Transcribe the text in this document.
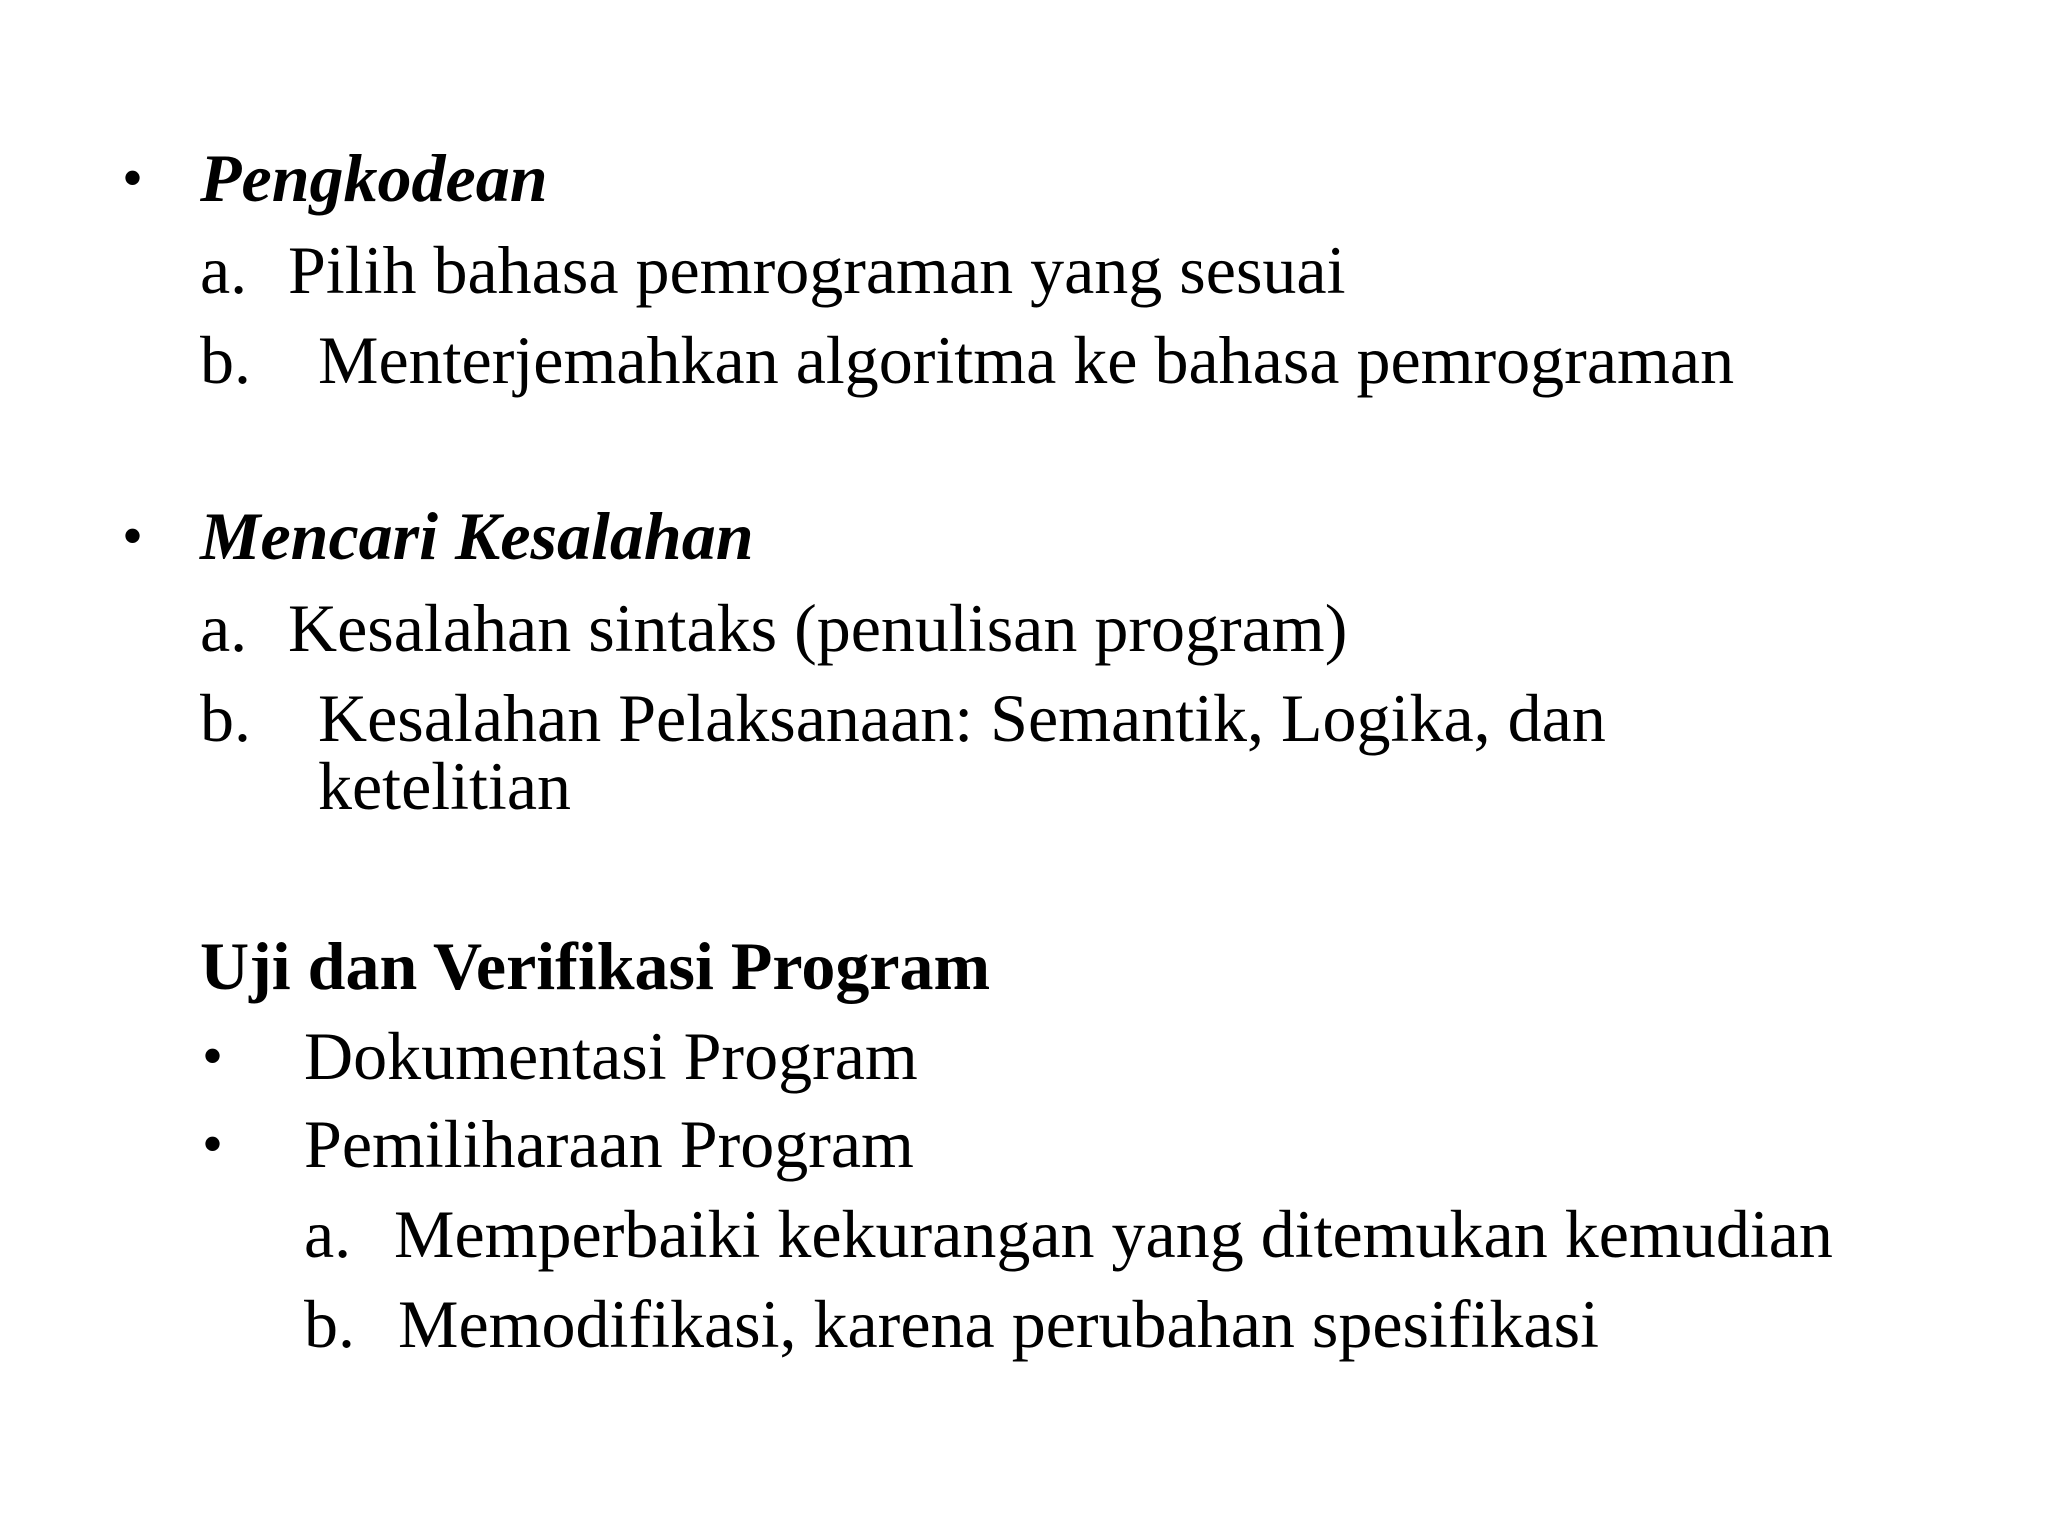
• Pengkodean
a. Pilih bahasa pemrograman yang sesuai
b. Menterjemahkan algoritma ke bahasa pemrograman
• Mencari Kesalahan
a. Kesalahan sintaks (penulisan program)
b. Kesalahan Pelaksanaan: Semantik, Logika, dan
ketelitian
Uji dan Verifikasi Program
• Dokumentasi Program
• Pemiliharaan Program
a. Memperbaiki kekurangan yang ditemukan kemudian
b. Memodifikasi, karena perubahan spesifikasi
